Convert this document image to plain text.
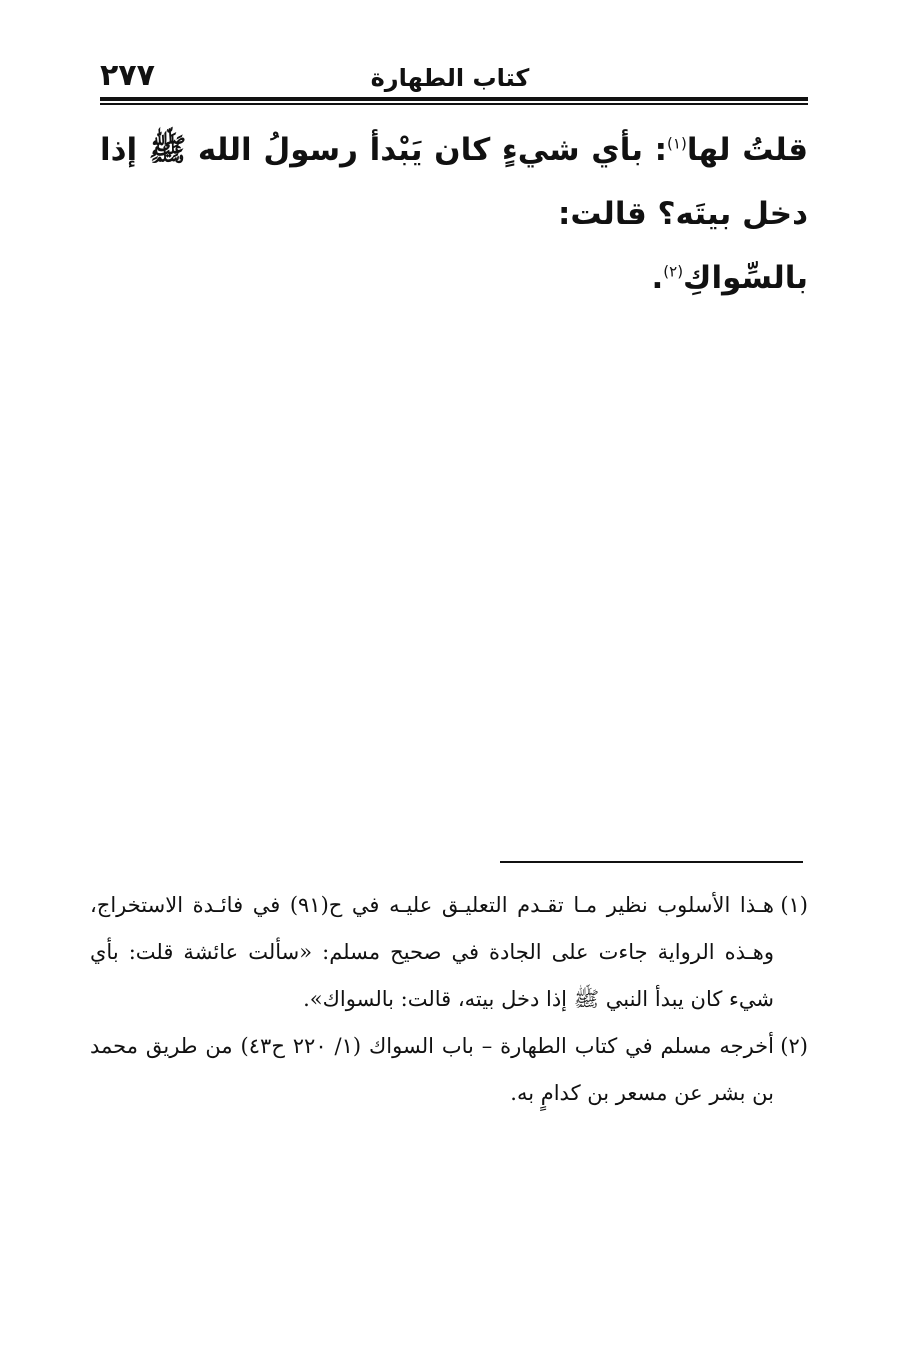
٢٧٧	كتاب الطهارة
قلتُ لها$^{(١)}$: بأي شيءٍ كان يَبْدأ رسولُ الله ﷺ إذا دخل بيتَه؟ قالت:
بالسِّواكِ$^{(٢)}$.
(١)هـذا الأسلوب نظير مـا تقـدم التعليـق عليـه في ح(٩١) في فائـدة الاستخراج، وهـذه الرواية جاءت على الجادة في صحيح مسلم: «سألت عائشة قلت: بأي شيء كان يبدأ النبي ﷺ إذا دخل بيته، قالت: بالسواك».
(٢)أخرجه مسلم في كتاب الطهارة – باب السواك (١/ ٢٢٠ ح٤٣) من طريق محمد بن بشر عن مسعر بن كدامٍ به.
